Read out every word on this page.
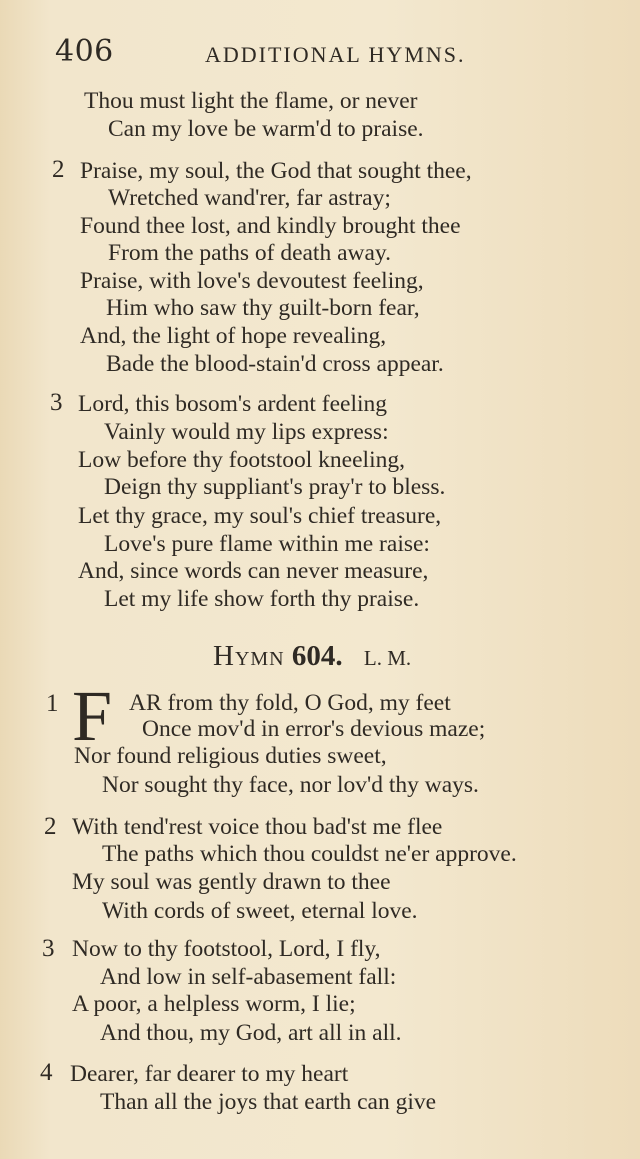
406	ADDITIONAL HYMNS.
Thou must light the flame, or never
Can my love be warm'd to praise.
2 Praise, my soul, the God that sought thee,
Wretched wand'rer, far astray;
Found thee lost, and kindly brought thee
From the paths of death away.
Praise, with love's devoutest feeling,
Him who saw thy guilt-born fear,
And, the light of hope revealing,
Bade the blood-stain'd cross appear.
3 Lord, this bosom's ardent feeling
Vainly would my lips express:
Low before thy footstool kneeling,
Deign thy suppliant's pray'r to bless.
Let thy grace, my soul's chief treasure,
Love's pure flame within me raise:
And, since words can never measure,
Let my life show forth thy praise.
Hymn 604. L. M.
1 F AR from thy fold, O God, my feet
Once mov'd in error's devious maze;
Nor found religious duties sweet,
Nor sought thy face, nor lov'd thy ways.
2 With tend'rest voice thou bad'st me flee
The paths which thou couldst ne'er approve.
My soul was gently drawn to thee
With cords of sweet, eternal love.
3 Now to thy footstool, Lord, I fly,
And low in self-abasement fall:
A poor, a helpless worm, I lie;
And thou, my God, art all in all.
4 Dearer, far dearer to my heart
Than all the joys that earth can give
